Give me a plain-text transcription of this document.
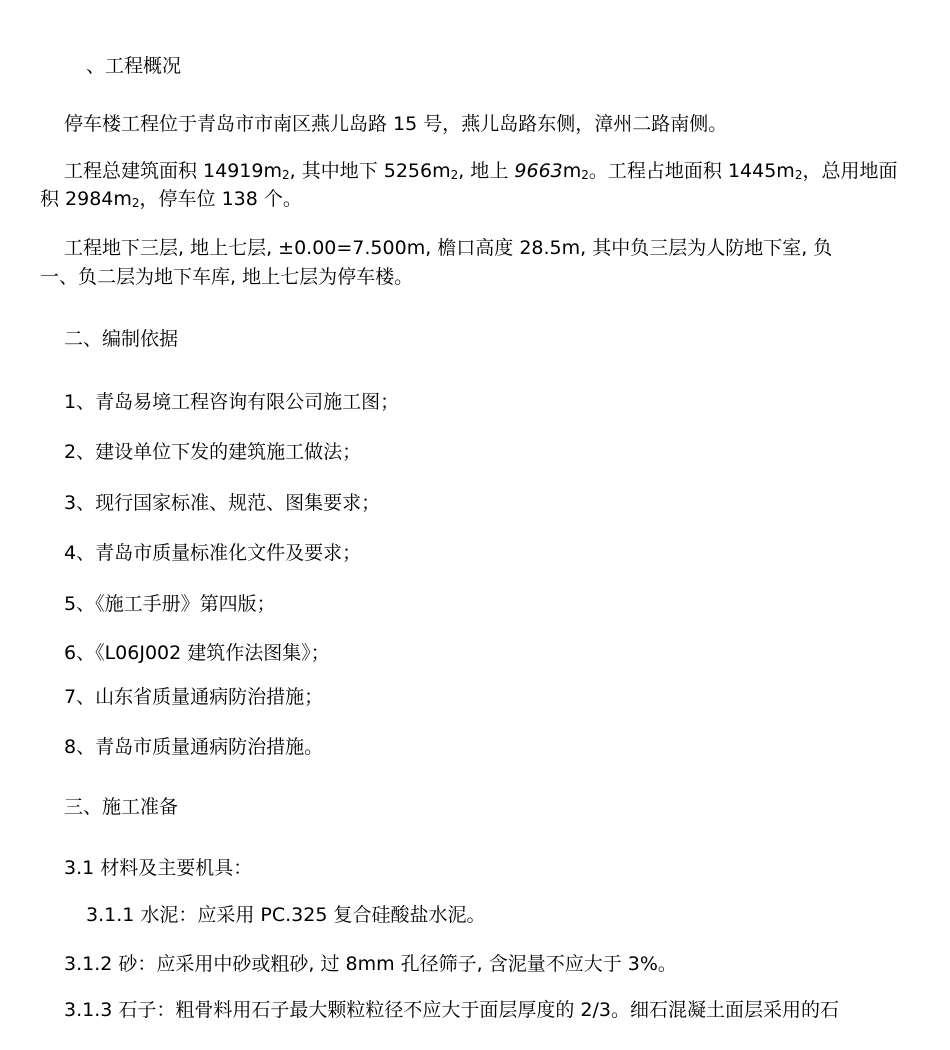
、工程概况
停车楼工程位于青岛市市南区燕儿岛路 15 号，燕儿岛路东侧，漳州二路南侧。
工程总建筑面积 14919m2, 其中地下 5256m2, 地上 9663m2。工程占地面积 1445m2，总用地面
积 2984m2，停车位 138 个。
工程地下三层, 地上七层, ±0.00=7.500m, 檐口高度 28.5m, 其中负三层为人防地下室, 负
一、负二层为地下车库, 地上七层为停车楼。
二、编制依据
1、青岛易境工程咨询有限公司施工图；
2、建设单位下发的建筑施工做法；
3、现行国家标准、规范、图集要求；
4、青岛市质量标准化文件及要求；
5、《施工手册》第四版；
6、《L06J002 建筑作法图集》；
7、山东省质量通病防治措施；
8、青岛市质量通病防治措施。
三、施工准备
3.1 材料及主要机具：
3.1.1 水泥：应采用 PC.325 复合硅酸盐水泥。
3.1.2 砂：应采用中砂或粗砂, 过 8mm 孔径筛子, 含泥量不应大于 3%。
3.1.3 石子：粗骨料用石子最大颗粒粒径不应大于面层厚度的 2/3。细石混凝土面层采用的石
